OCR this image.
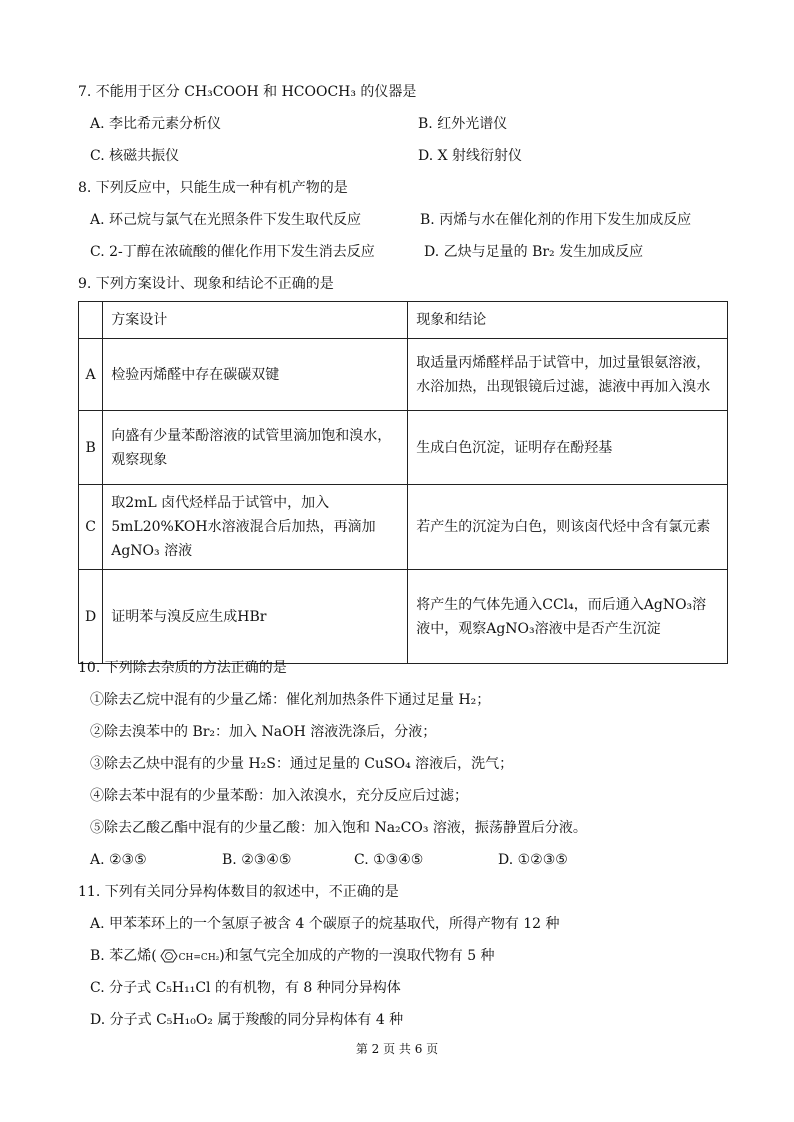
7. 不能用于区分 CH₃COOH 和 HCOOCH₃ 的仪器是
A. 李比希元素分析仪	B. 红外光谱仪
C. 核磁共振仪	D. X 射线衍射仪
8. 下列反应中，只能生成一种有机产物的是
A. 环己烷与氯气在光照条件下发生取代反应	B. 丙烯与水在催化剂的作用下发生加成反应
C. 2-丁醇在浓硫酸的催化作用下发生消去反应	D. 乙炔与足量的 Br₂ 发生加成反应
9. 下列方案设计、现象和结论不正确的是
	方案设计	现象和结论
A	检验丙烯醛中存在碳碳双键	取适量丙烯醛样品于试管中，加过量银氨溶液，水浴加热，出现银镜后过滤，滤液中再加入溴水
B	向盛有少量苯酚溶液的试管里滴加饱和溴水，观察现象	生成白色沉淀，证明存在酚羟基
C	取2mL 卤代烃样品于试管中，加入5mL20%KOH水溶液混合后加热，再滴加 AgNO₃ 溶液	若产生的沉淀为白色，则该卤代烃中含有氯元素
D	证明苯与溴反应生成HBr	将产生的气体先通入CCl₄，而后通入AgNO₃溶液中，观察AgNO₃溶液中是否产生沉淀
10. 下列除去杂质的方法正确的是
①除去乙烷中混有的少量乙烯：催化剂加热条件下通过足量 H₂；
②除去溴苯中的 Br₂：加入 NaOH 溶液洗涤后，分液；
③除去乙炔中混有的少量 H₂S：通过足量的 CuSO₄ 溶液后，洗气；
④除去苯中混有的少量苯酚：加入浓溴水，充分反应后过滤；
⑤除去乙酸乙酯中混有的少量乙酸：加入饱和 Na₂CO₃ 溶液，振荡静置后分液。
A. ②③⑤	B. ②③④⑤	C. ①③④⑤	D. ①②③⑤
11. 下列有关同分异构体数目的叙述中，不正确的是
A. 甲苯苯环上的一个氢原子被含 4 个碳原子的烷基取代，所得产物有 12 种
B. 苯乙烯( CH=CH₂)和氢气完全加成的产物的一溴取代物有 5 种
C. 分子式 C₅H₁₁Cl 的有机物，有 8 种同分异构体
D. 分子式 C₅H₁₀O₂ 属于羧酸的同分异构体有 4 种
第 2 页 共 6 页
